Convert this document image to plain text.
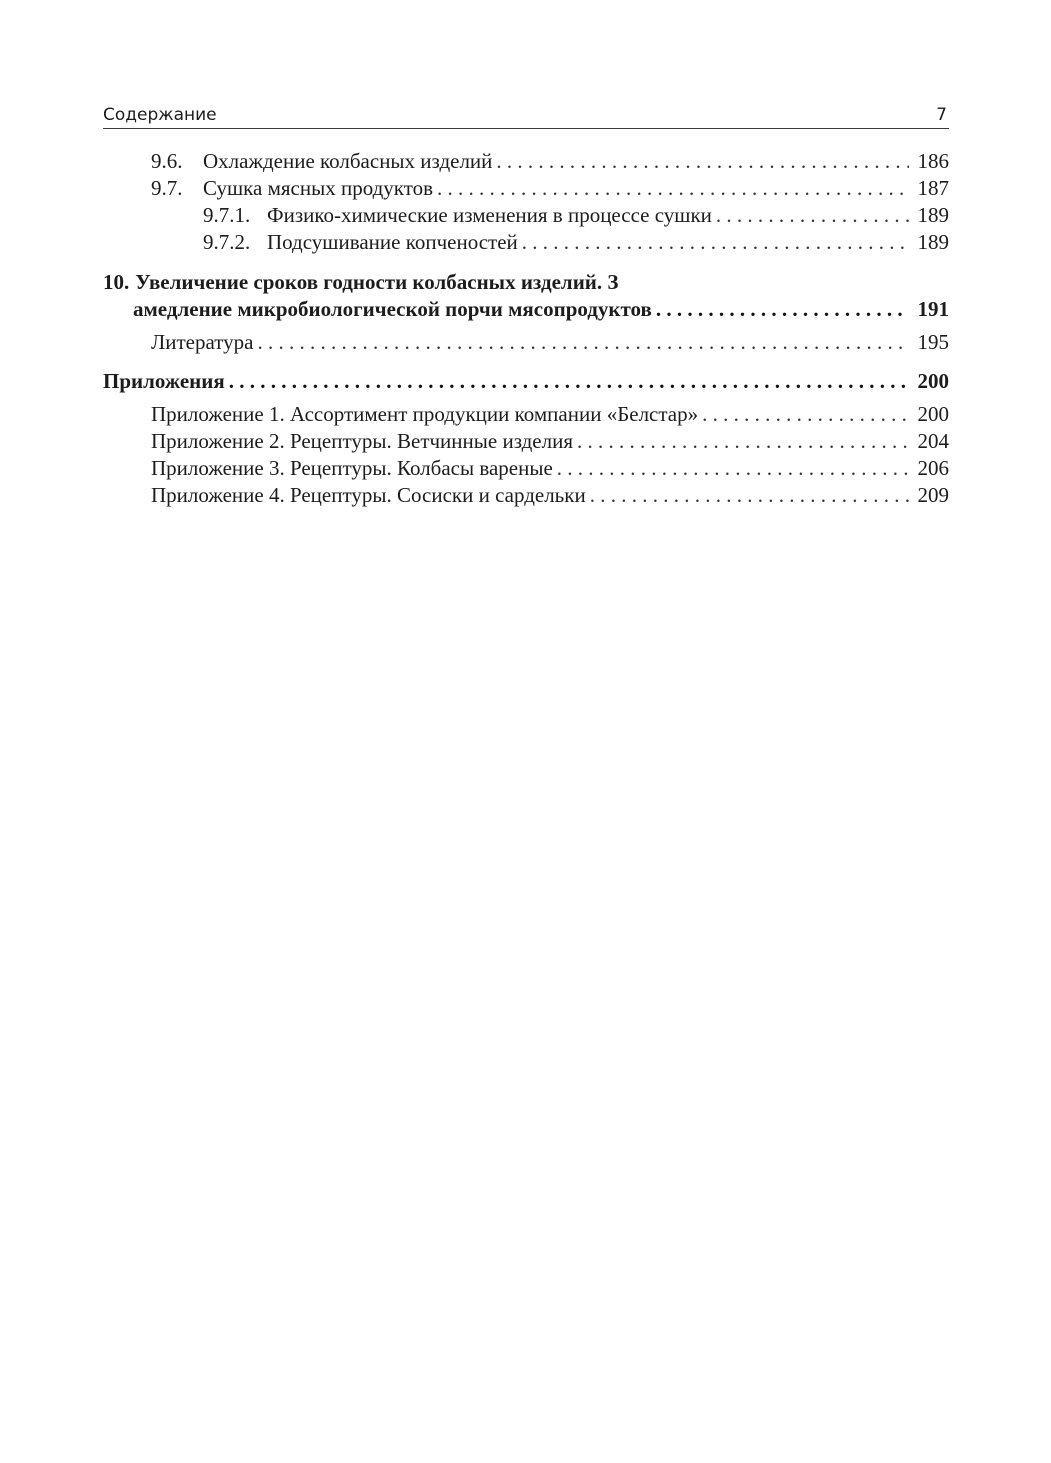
Содержание	7
9.6. Охлаждение колбасных изделий . . .	186
9.7. Сушка мясных продуктов . . .	187
9.7.1. Физико-химические изменения в процессе сушки . . .	189
9.7.2. Подсушивание копченостей . . .	189
10. Увеличение сроков годности колбасных изделий. З
амедление микробиологической порчи мясопродуктов . . .	191
Литература . . .	195
Приложения . . .	200
Приложение 1. Ассортимент продукции компании «Белстар» . . .	200
Приложение 2. Рецептуры. Ветчинные изделия . . .	204
Приложение 3. Рецептуры. Колбасы вареные . . .	206
Приложение 4. Рецептуры. Сосиски и сардельки . . .	209
